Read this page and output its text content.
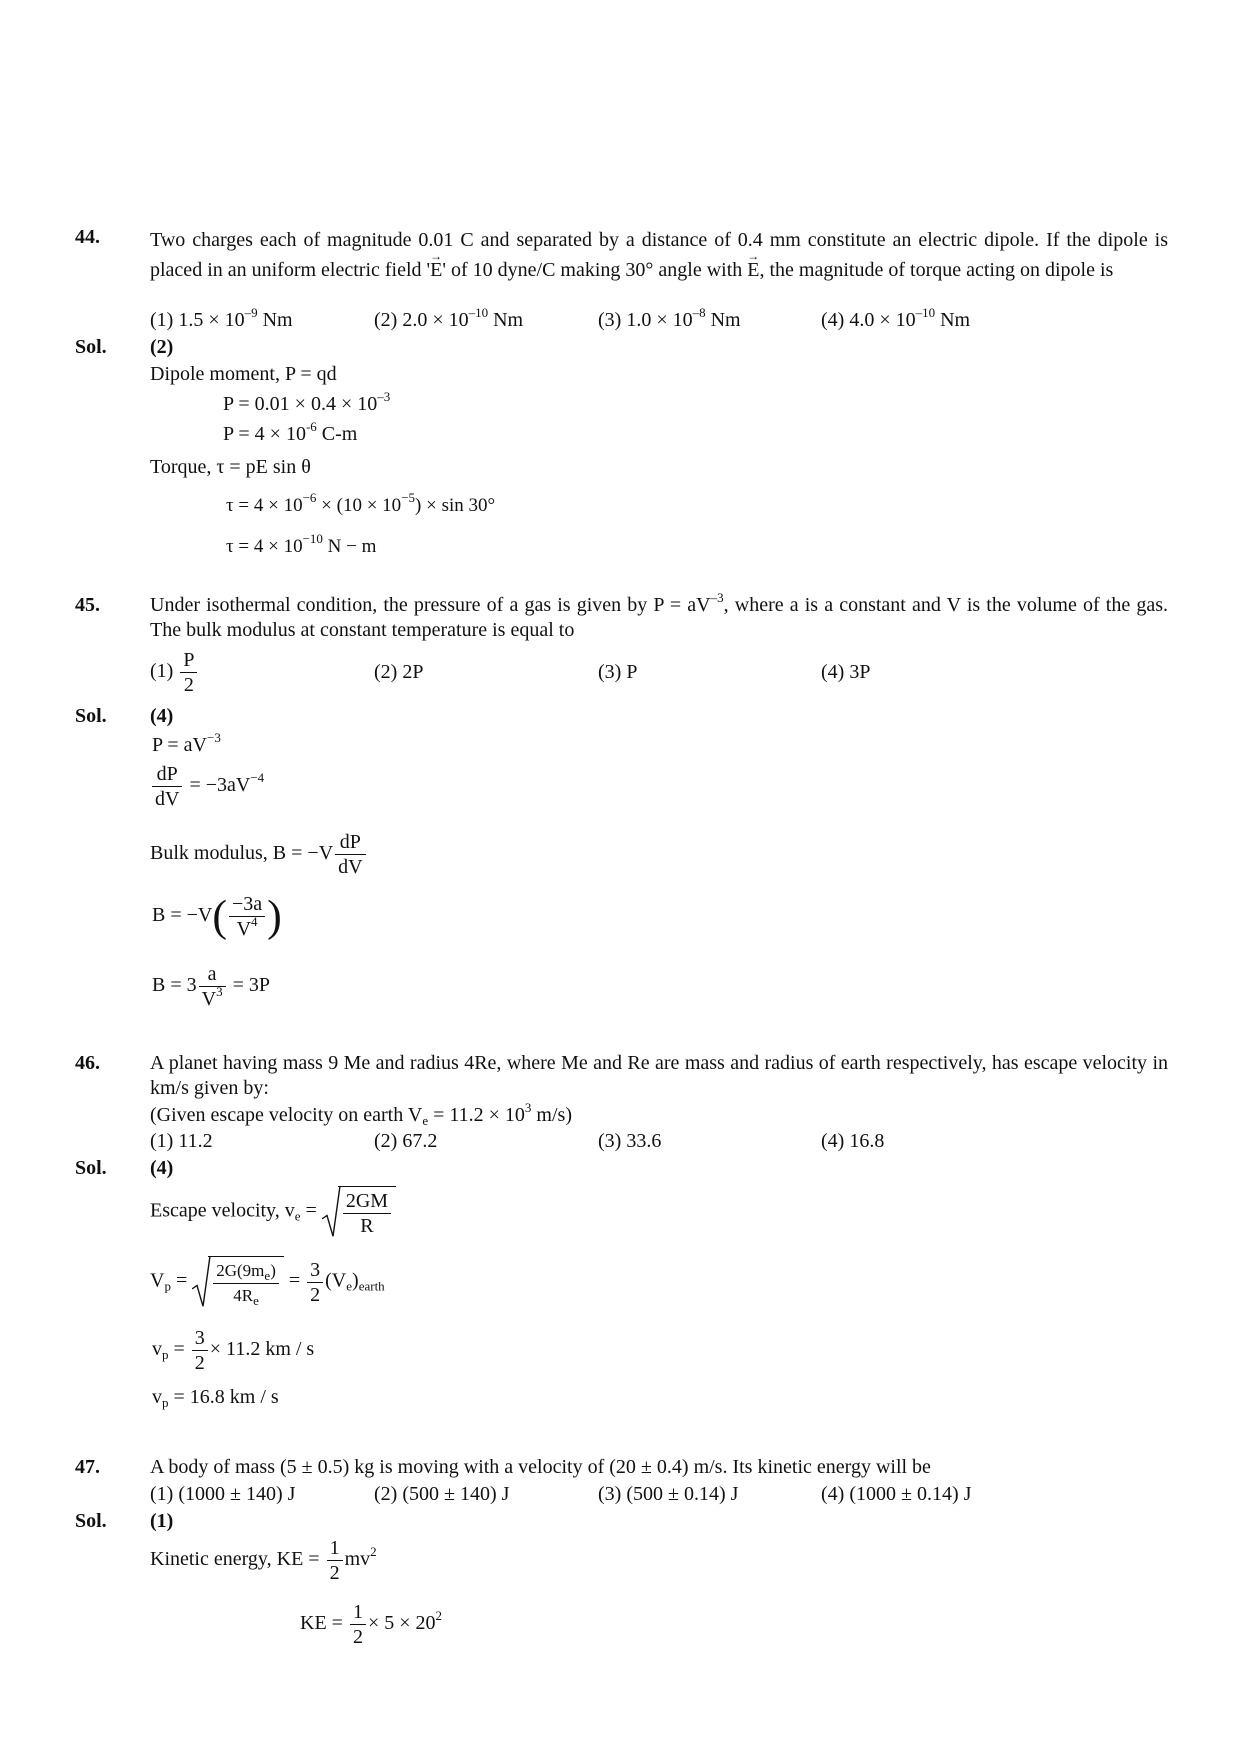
44.	Two charges each of magnitude 0.01 C and separated by a distance of 0.4 mm constitute an electric dipole. If the dipole is placed in an uniform electric field '→ E' of 10 dyne/C making 30° angle with → E, the magnitude of torque acting on dipole is
(1) $1.5 \times 10^{-9}$ Nm	(2) $2.0 \times 10^{-10}$ Nm	(3) $1.0 \times 10^{-8}$ Nm	(4) $4.0 \times 10^{-10}$ Nm
Sol. (2)
Dipole moment, P = qd
$P = 0.01 \times 0.4 \times 10^{-3}$
$P = 4 \times 10^{-6}$ C-m
Torque, τ = pE sin θ
$\tau = 4 \times 10^{-6} \times (10 \times 10^{-5}) \times \sin 30^\circ$
$\tau = 4 \times 10^{-10}$ N − m
45.	Under isothermal condition, the pressure of a gas is given by $P = aV^{-3}$, where a is a constant and V is the volume of the gas. The bulk modulus at constant temperature is equal to
$(1) \frac{P}{2}$	(2) 2P	(3) P	(4) 3P
Sol. (4)
$P = aV^{-3}$
$\frac{dP}{dV} = -3aV^{-4}$
Bulk modulus, $B = -V \frac{dP}{dV}$
$B = -V( \frac{-3a}{V^4}$ )
$B = 3 \frac{a}{V^3} = 3P$
46.	A planet having mass 9 Me and radius 4Re, where Me and Re are mass and radius of earth respectively, has escape velocity in km/s given by:
(Given escape velocity on earth $V_e = 11.2 \times 10^3$ m/s)
(1) 11.2	(2) 67.2	(3) 33.6	(4) 16.8
Sol. (4)
Escape velocity, $v_e = \frac{2GM}{R}$
$V_p = \frac{2G(9m_e)}{4R_e} = \frac{3}{2} (V_e)_{earth}$
$v_p = \frac{3}{2} \times 11.2$ km / s
$v_p = 16.8$ km / s
47.	A body of mass (5 ± 0.5) kg is moving with a velocity of (20 ± 0.4) m/s. Its kinetic energy will be
(1) (1000 ± 140) J	(2) (500 ± 140) J	(3) (500 ± 0.14) J	(4) (1000 ± 0.14) J
Sol. (1)
Kinetic energy, KE = $\frac{1}{2} mv^2$
KE = $\frac{1}{2} \times 5 \times 20^2$
